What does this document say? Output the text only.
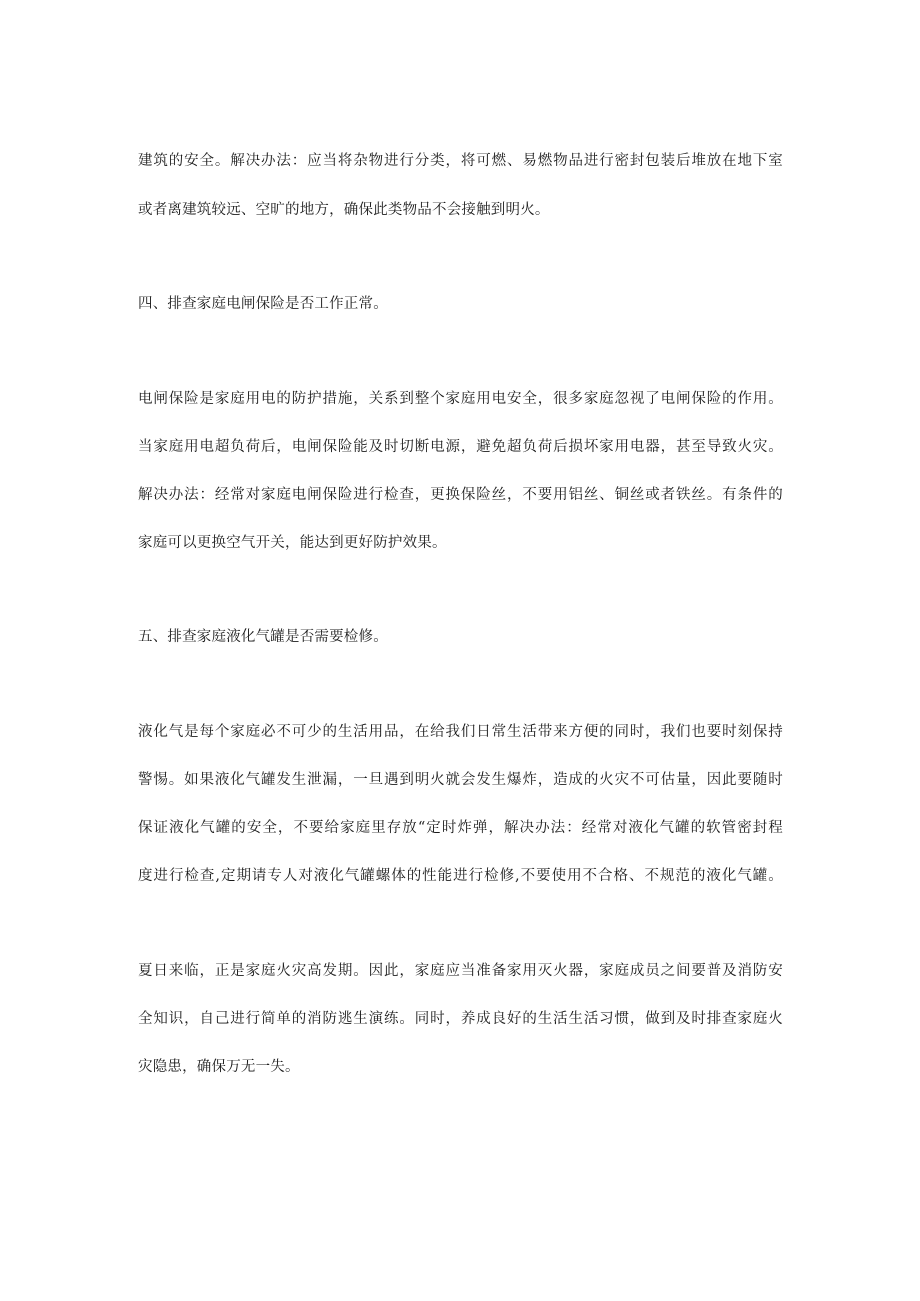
建筑的安全。解决办法：应当将杂物进行分类，将可燃、易燃物品进行密封包装后堆放在地下室
或者离建筑较远、空旷的地方，确保此类物品不会接触到明火。
四、排查家庭电闸保险是否工作正常。
电闸保险是家庭用电的防护措施，关系到整个家庭用电安全，很多家庭忽视了电闸保险的作用。
当家庭用电超负荷后，电闸保险能及时切断电源，避免超负荷后损坏家用电器，甚至导致火灾。
解决办法：经常对家庭电闸保险进行检查，更换保险丝，不要用铝丝、铜丝或者铁丝。有条件的
家庭可以更换空气开关，能达到更好防护效果。
五、排查家庭液化气罐是否需要检修。
液化气是每个家庭必不可少的生活用品，在给我们日常生活带来方便的同时，我们也要时刻保持
警惕。如果液化气罐发生泄漏，一旦遇到明火就会发生爆炸，造成的火灾不可估量，因此要随时
保证液化气罐的安全，不要给家庭里存放“定时炸弹，解决办法：经常对液化气罐的软管密封程
度进行检查,定期请专人对液化气罐螺体的性能进行检修,不要使用不合格、不规范的液化气罐。
夏日来临，正是家庭火灾高发期。因此，家庭应当准备家用灭火器，家庭成员之间要普及消防安
全知识，自己进行简单的消防逃生演练。同时，养成良好的生活生活习惯，做到及时排查家庭火
灾隐患，确保万无一失。
